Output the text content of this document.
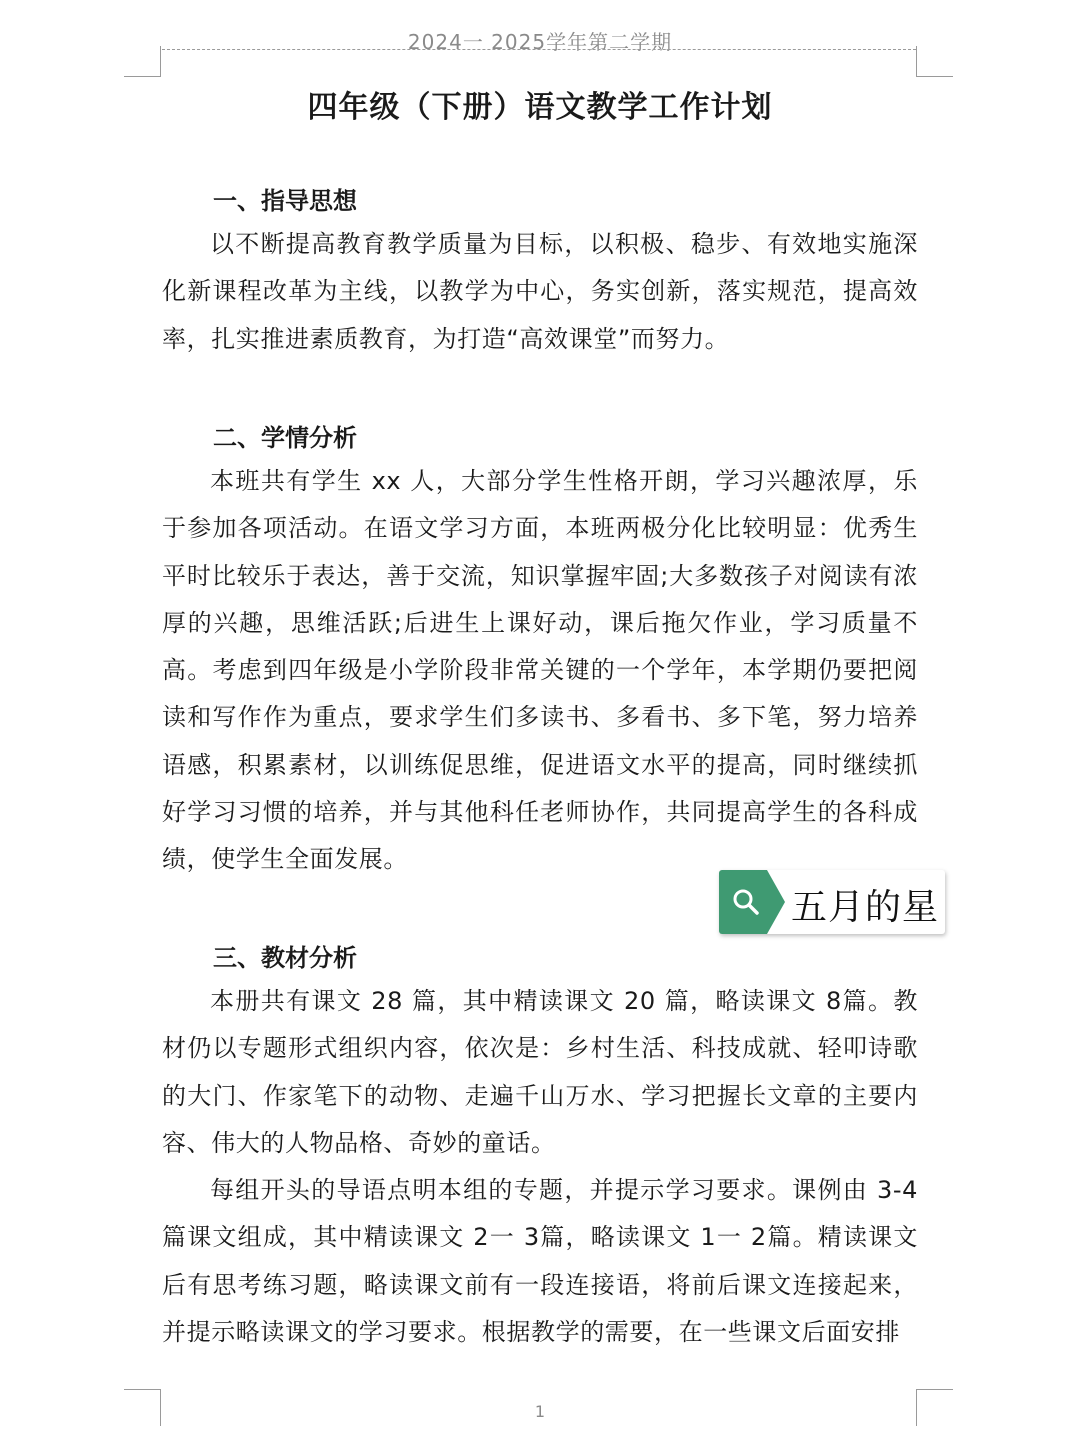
2024一 2025学年第二学期
四年级（下册）语文教学工作计划
一、指导思想
以不断提高教育教学质量为目标，以积极、稳步、有效地实施深化新课程改革为主线，以教学为中心，务实创新，落实规范，提高效率，扎实推进素质教育，为打造“高效课堂”而努力。
二、学情分析
本班共有学生 xx 人，大部分学生性格开朗，学习兴趣浓厚，乐于参加各项活动。在语文学习方面，本班两极分化比较明显：优秀生平时比较乐于表达，善于交流，知识掌握牢固;大多数孩子对阅读有浓厚的兴趣，思维活跃;后进生上课好动，课后拖欠作业，学习质量不高。考虑到四年级是小学阶段非常关键的一个学年，本学期仍要把阅读和写作作为重点，要求学生们多读书、多看书、多下笔，努力培养语感，积累素材，以训练促思维，促进语文水平的提高，同时继续抓好学习习惯的培养，并与其他科任老师协作，共同提高学生的各科成绩，使学生全面发展。
五月的星
三、教材分析
本册共有课文 28 篇，其中精读课文 20 篇，略读课文 8篇。教材仍以专题形式组织内容，依次是：乡村生活、科技成就、轻叩诗歌的大门、作家笔下的动物、走遍千山万水、学习把握长文章的主要内容、伟大的人物品格、奇妙的童话。
每组开头的导语点明本组的专题，并提示学习要求。课例由 3-4篇课文组成，其中精读课文 2一 3篇，略读课文 1一 2篇。精读课文后有思考练习题，略读课文前有一段连接语，将前后课文连接起来，并提示略读课文的学习要求。根据教学的需要，在一些课文后面安排
1
